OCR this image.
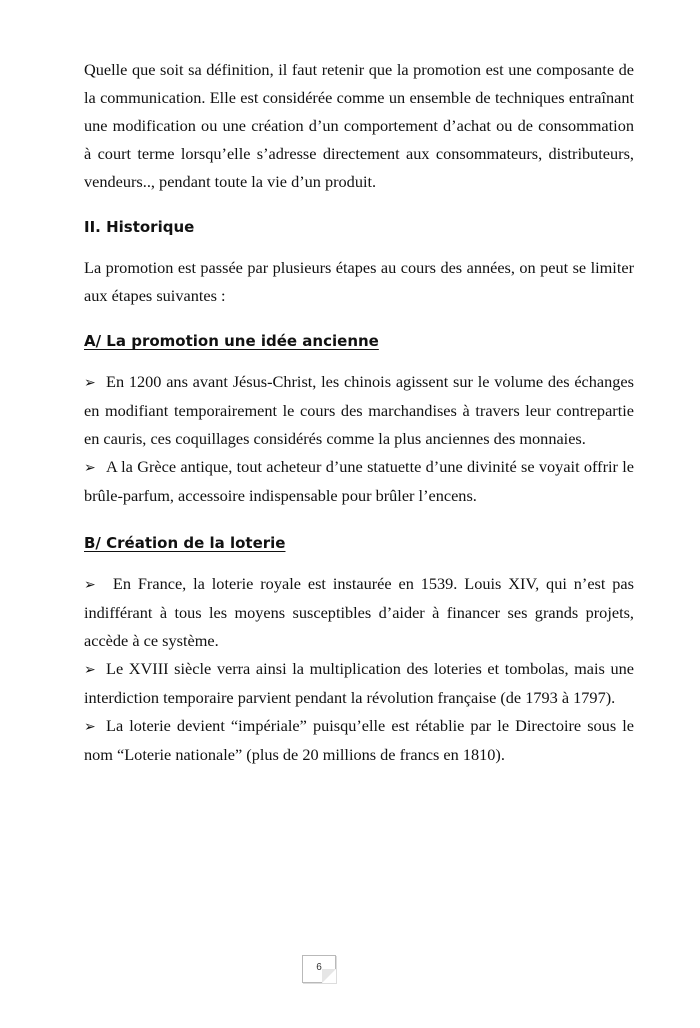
Quelle que soit sa définition, il faut retenir que la promotion est une composante de la communication. Elle est considérée comme un ensemble de techniques entraînant une modification ou une création d’un comportement d’achat ou de consommation à court terme lorsqu’elle s’adresse directement aux consommateurs, distributeurs, vendeurs.., pendant toute la vie d’un produit.

II. Historique

La promotion est passée par plusieurs étapes au cours des années, on peut se limiter aux étapes suivantes :

A/ La promotion une idée ancienne

➢ En 1200 ans avant Jésus-Christ, les chinois agissent sur le volume des échanges en modifiant temporairement le cours des marchandises à travers leur contrepartie en cauris, ces coquillages considérés comme la plus anciennes des monnaies.

➢ A la Grèce antique, tout acheteur d’une statuette d’une divinité se voyait offrir le brûle-parfum, accessoire indispensable pour brûler l’encens.

B/ Création de la loterie

➢ En France, la loterie royale est instaurée en 1539. Louis XIV, qui n’est pas indifférant à tous les moyens susceptibles d’aider à financer ses grands projets, accède à ce système.

➢ Le XVIII siècle verra ainsi la multiplication des loteries et tombolas, mais une interdiction temporaire parvient pendant la révolution française (de 1793 à 1797).

➢ La loterie devient “impériale” puisqu’elle est rétablie par le Directoire sous le nom “Loterie nationale” (plus de 20 millions de francs en 1810).

6
